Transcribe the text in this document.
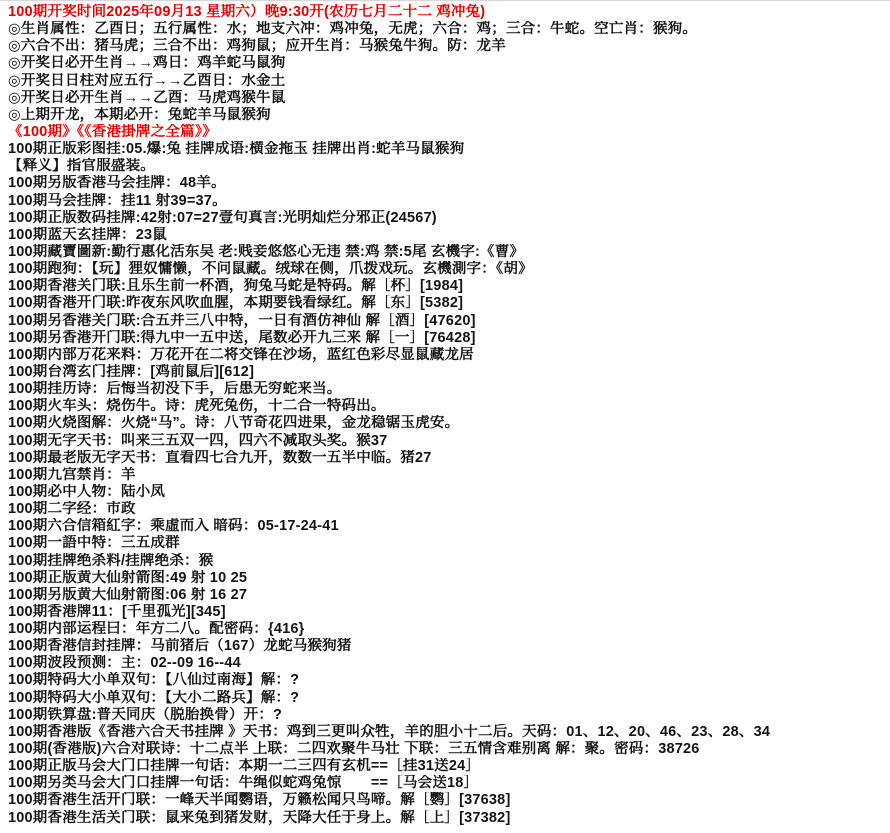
100期开奖时间2025年09月13 星期六）晚9:30开(农历七月二十二 鸡冲兔)
◎生肖属性：乙酉日；五行属性：水；地支六冲：鸡冲兔，无虎；六合：鸡；三合：牛蛇。空亡肖：猴狗。
◎六合不出：猪马虎；三合不出：鸡狗鼠；应开生肖：马猴兔牛狗。防：龙羊
◎开奖日必开生肖→→鸡日：鸡羊蛇马鼠狗
◎开奖日日柱对应五行→→乙酉日：水金土
◎开奖日必开生肖→→乙酉：马虎鸡猴牛鼠
◎上期开龙，本期必开：兔蛇羊马鼠猴狗
《100期》《《香港掛牌之全篇》》
100期正版彩图挂:05.爆:兔 挂牌成语:横金拖玉 挂牌出肖:蛇羊马鼠猴狗
【释义】指官服盛装。
100期另版香港马会挂牌：48羊。
100期马会挂牌：挂11 射39=37。
100期正版数码挂牌:42射:07=27壹句真言:光明灿烂分邪正(24567)
100期蓝天玄挂牌：23鼠
100期藏寶圖新:勤行惠化活东吴 老:贱妾悠悠心无违 禁:鸡 禁:5尾 玄機字:《曹》
100期跑狗：【玩】狸奴慵懒，不问鼠藏。绒球在侧，爪拨戏玩。玄機測字：《胡》
100期香港关门联:且乐生前一杯酒，狗兔马蛇是特码。解［杯］[1984]
100期香港开门联:昨夜东风吹血腥，本期要钱看绿红。解［东］[5382]
100期另香港关门联:合五并三八中特，一日有酒仿神仙 解［酒］[47620]
100期另香港开门联:得九中一五中送，尾数必开九三来 解［一］[76428]
100期内部万花来料：万花开在二将交锋在沙场，蓝红色彩尽显鼠藏龙居
100期台湾玄门挂牌：[鸡前鼠后][612]
100期挂历诗：后悔当初没下手，后患无穷蛇来当。
100期火车头：烧伤牛。诗：虎死兔伤，十二合一特码出。
100期火烧图解：火烧“马”。诗：八节奇花四进果，金龙稳锯玉虎安。
100期无字天书：叫来三五双一四，四六不减取头奖。猴37
100期最老版无字天书：直看四七合九开，数数一五半中临。猪27
100期九宫禁肖：羊
100期必中人物：陆小凤
100期二字经：市政
100期六合信箱紅字：乘虛而入 暗码：05-17-24-41
100期一語中特：三五成群
100期挂牌绝杀料/挂牌绝杀：猴
100期正版黄大仙射箭图:49 射 10 25
100期另版黄大仙射箭图:06 射 16 27
100期香港牌11：[千里孤光][345]
100期内部运程曰：年方二八。配密码：{416}
100期香港信封挂牌：马前猪后（167）龙蛇马猴狗猪
100期波段预测：主：02--09 16--44
100期特码大小单双句：【八仙过南海】解：?
100期特码大小单双句：【大小二路兵】解：?
100期铁算盘:普天同庆（脱胎换骨）开：?
100期香港版《香港六合天书挂牌 》天书：鸡到三更叫众牲，羊的胆小十二后。天码：01、12、20、46、23、28、34
100期(香港版)六合对联诗：十二点半 上联：二四欢聚牛马壮 下联：三五情含难别离 解：聚。密码：38726
100期正版马会大门口挂牌一句话：本期一二三四有玄机==［挂31送24］
100期另类马会大门口挂牌一句话：牛绳似蛇鸡兔惊　　==［马会送18］
100期香港生活开门联：一峰天半闻鹦语，万籁松闻只鸟啼。解［鹦］[37638]
100期香港生活关门联：鼠来兔到猪发财，天降大任于身上。解［上］[37382]
